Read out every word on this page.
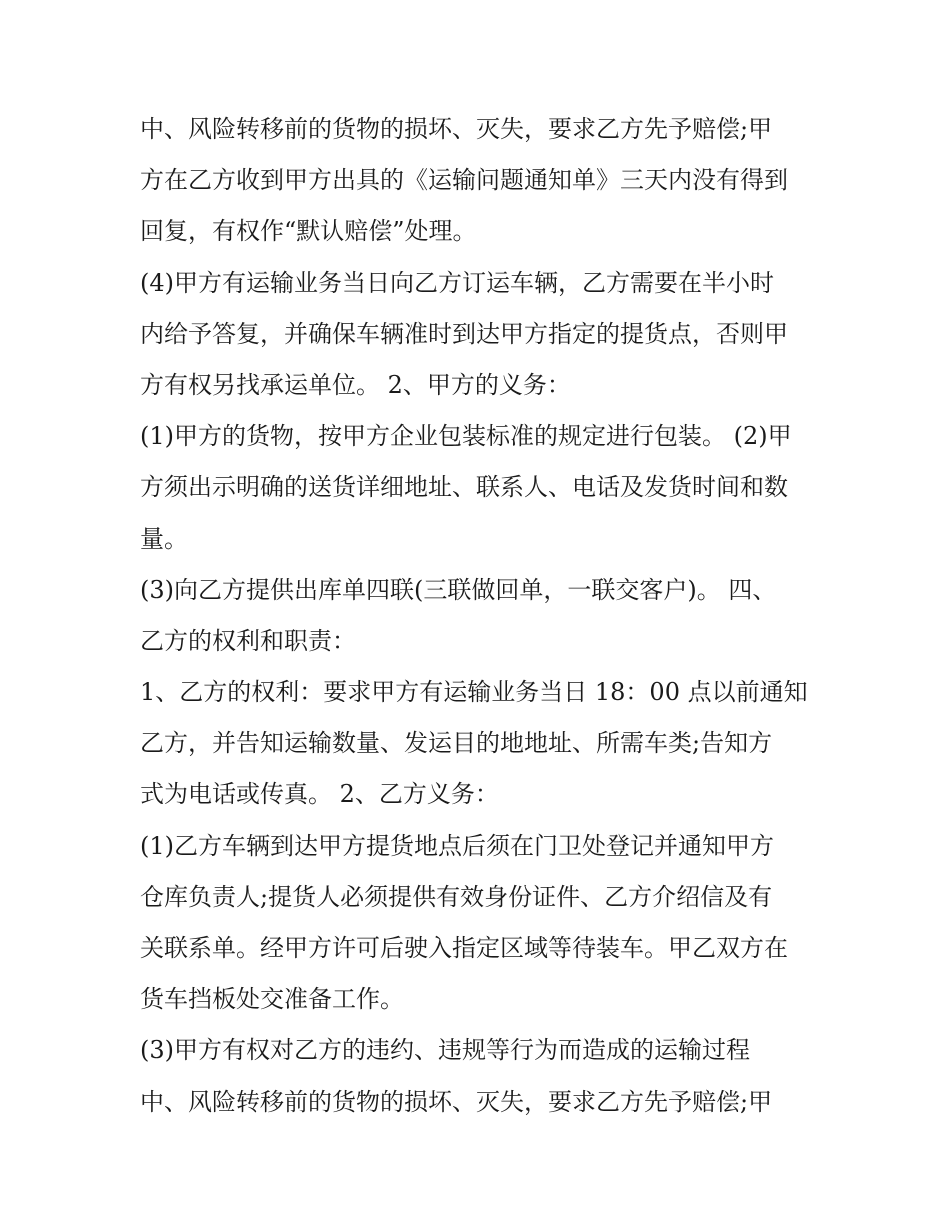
中、风险转移前的货物的损坏、灭失，要求乙方先予赔偿;甲
方在乙方收到甲方出具的《运输问题通知单》三天内没有得到
回复，有权作“默认赔偿”处理。
(4)甲方有运输业务当日向乙方订运车辆，乙方需要在半小时
内给予答复，并确保车辆准时到达甲方指定的提货点，否则甲
方有权另找承运单位。 2、甲方的义务：
(1)甲方的货物，按甲方企业包装标准的规定进行包装。 (2)甲
方须出示明确的送货详细地址、联系人、电话及发货时间和数
量。
(3)向乙方提供出库单四联(三联做回单，一联交客户)。 四、
乙方的权利和职责：
1、乙方的权利：要求甲方有运输业务当日 18：00 点以前通知
乙方，并告知运输数量、发运目的地地址、所需车类;告知方
式为电话或传真。 2、乙方义务：
(1)乙方车辆到达甲方提货地点后须在门卫处登记并通知甲方
仓库负责人;提货人必须提供有效身份证件、乙方介绍信及有
关联系单。经甲方许可后驶入指定区域等待装车。甲乙双方在
货车挡板处交准备工作。
(3)甲方有权对乙方的违约、违规等行为而造成的运输过程
中、风险转移前的货物的损坏、灭失，要求乙方先予赔偿;甲
